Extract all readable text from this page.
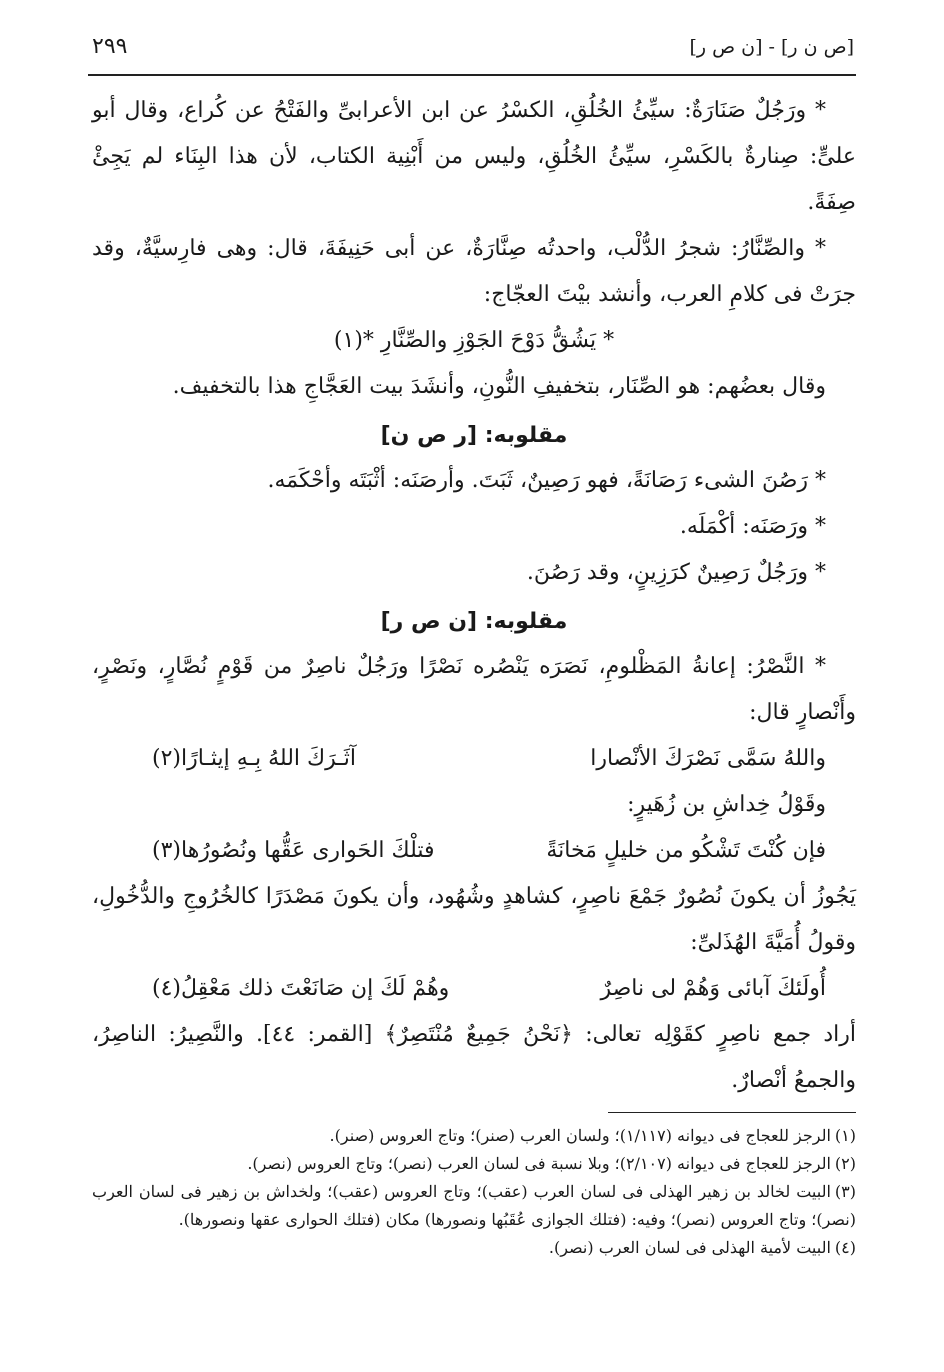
[ص ن ر] - [ن ص ر]
٢٩٩

* ورَجُلٌ صَنَارَةٌ: سيِّئُ الخُلُقِ، الكسْرُ عن ابن الأعرابىِّ والفَتْحُ عن كُراع، وقال أبو علىٍّ: صِنارةٌ بالكَسْرِ، سيِّئُ الخُلُقِ، وليس من أَبْنِية الكتاب، لأن هذا البِنَاء لم يَجِئْ صِفَةً.

* والصِّنَّارُ: شجرُ الدُّلْب، واحدتُه صِنَّارَةٌ، عن أبى حَنِيفَةَ، قال: وهى فارِسيَّةٌ، وقد جرَتْ فى كلامِ العرب، وأنشد بيْتَ العجّاج:

* يَشُقُّ دَوْحَ الجَوْزِ والصِّنَّارِ *(١)

وقال بعضُهم: هو الصِّنَار، بتخفيفِ النُّونِ، وأنشَدَ بيت العَجَّاجِ هذا بالتخفيف.

مقلوبه: [ر ص ن]

* رَصُنَ الشىء رَصَانَةً، فهو رَصِينٌ، ثَبَتَ. وأرصَنَه: أثْبَتَه وأحْكَمَه.

* ورَصَنَه: أكْمَلَه.

* ورَجُلٌ رَصِينٌ كرَزِينٍ، وقد رَصُنَ.

مقلوبه: [ن ص ر]

* النَّصْرُ: إعانةُ المَظْلومِ، نَصَرَه يَنْصُره نَصْرًا ورَجُلٌ ناصِرٌ من قَوْمٍ نُصَّارٍ، ونَصْرٍ، وأَنْصارٍ قال:

واللهُ سَمَّى نَصْرَكَ الأنْصارا
آثَـرَكَ اللهُ بِـهِ إيثـارًا(٢)

وقَوْلُ خِداشِ بن زُهَيرٍ:

فإن كُنْتَ تَشْكُو من خليلٍ مَخانَةً
فتلْكَ الحَوارى عَقُّها ونُصُورُها(٣)

يَجُوزُ أن يكونَ نُصُورٌ جَمْعَ ناصِرٍ، كشاهدٍ وشُهُود، وأن يكونَ مَصْدَرًا كالخُرُوجِ والدُّخُولِ، وقولُ أُمَيَّةَ الهُذَلىِّ:

أُولَئكَ آبائى وَهُمْ لى ناصِرٌ
وهُمْ لَكَ إن صَانَعْتَ ذلك مَعْقِلُ(٤)

أراد جمع ناصِرٍ كقَوْلِه تعالى: ﴿نَحْنُ جَمِيعٌ مُنْتَصِرٌ﴾ [القمر: ٤٤]. والنَّصِيرُ: الناصِرُ، والجمعُ أنْصارٌ.

(١)الرجز للعجاج فى ديوانه (١/١١٧)؛ ولسان العرب (صنر)؛ وتاج العروس (صنر).

(٢)الرجز للعجاج فى ديوانه (٢/١٠٧)؛ وبلا نسبة فى لسان العرب (نصر)؛ وتاج العروس (نصر).

(٣)البيت لخالد بن زهير الهذلى فى لسان العرب (عقب)؛ وتاج العروس (عقب)؛ ولخداش بن زهير فى لسان العرب (نصر)؛ وتاج العروس (نصر)؛ وفيه: (فتلك الجوازى عُقَبُها ونصورها) مكان (فتلك الحوارى عقها ونصورها).

(٤)البيت لأمية الهذلى فى لسان العرب (نصر).
